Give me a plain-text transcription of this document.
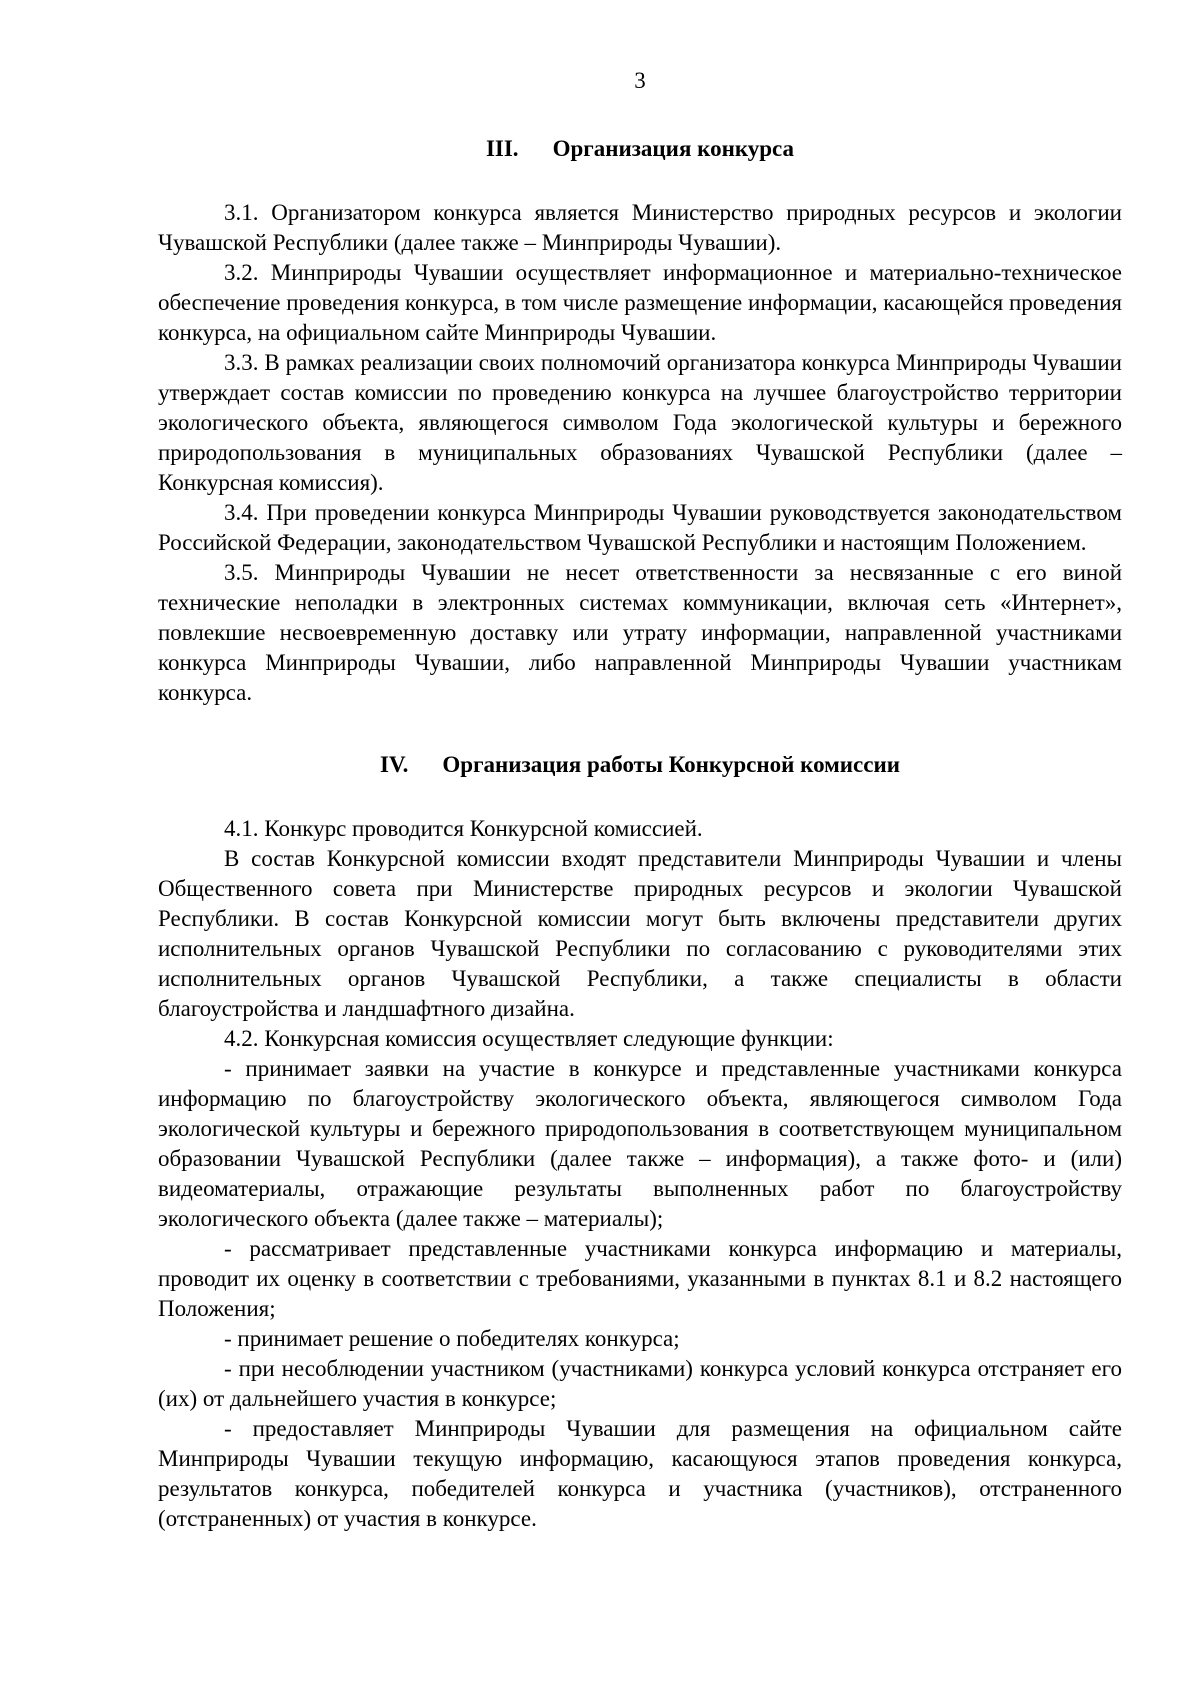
3
III. Организация конкурса

3.1. Организатором конкурса является Министерство природных ресурсов и экологии Чувашской Республики (далее также – Минприроды Чувашии).

3.2. Минприроды Чувашии осуществляет информационное и материально-техническое обеспечение проведения конкурса, в том числе размещение информации, касающейся проведения конкурса, на официальном сайте Минприроды Чувашии.

3.3. В рамках реализации своих полномочий организатора конкурса Минприроды Чувашии утверждает состав комиссии по проведению конкурса на лучшее благоустройство территории экологического объекта, являющегося символом Года экологической культуры и бережного природопользования в муниципальных образованиях Чувашской Республики (далее – Конкурсная комиссия).

3.4. При проведении конкурса Минприроды Чувашии руководствуется законодательством Российской Федерации, законодательством Чувашской Республики и настоящим Положением.

3.5. Минприроды Чувашии не несет ответственности за несвязанные с его виной технические неполадки в электронных системах коммуникации, включая сеть «Интернет», повлекшие несвоевременную доставку или утрату информации, направленной участниками конкурса Минприроды Чувашии, либо направленной Минприроды Чувашии участникам конкурса.

IV. Организация работы Конкурсной комиссии

4.1. Конкурс проводится Конкурсной комиссией.

В состав Конкурсной комиссии входят представители Минприроды Чувашии и члены Общественного совета при Министерстве природных ресурсов и экологии Чувашской Республики. В состав Конкурсной комиссии могут быть включены представители других исполнительных органов Чувашской Республики по согласованию с руководителями этих исполнительных органов Чувашской Республики, а также специалисты в области благоустройства и ландшафтного дизайна.

4.2. Конкурсная комиссия осуществляет следующие функции:

- принимает заявки на участие в конкурсе и представленные участниками конкурса информацию по благоустройству экологического объекта, являющегося символом Года экологической культуры и бережного природопользования в соответствующем муниципальном образовании Чувашской Республики (далее также – информация), а также фото- и (или) видеоматериалы, отражающие результаты выполненных работ по благоустройству экологического объекта (далее также – материалы);

- рассматривает представленные участниками конкурса информацию и материалы, проводит их оценку в соответствии с требованиями, указанными в пунктах 8.1 и 8.2 настоящего Положения;

- принимает решение о победителях конкурса;

- при несоблюдении участником (участниками) конкурса условий конкурса отстраняет его (их) от дальнейшего участия в конкурсе;

- предоставляет Минприроды Чувашии для размещения на официальном сайте Минприроды Чувашии текущую информацию, касающуюся этапов проведения конкурса, результатов конкурса, победителей конкурса и участника (участников), отстраненного (отстраненных) от участия в конкурсе.
